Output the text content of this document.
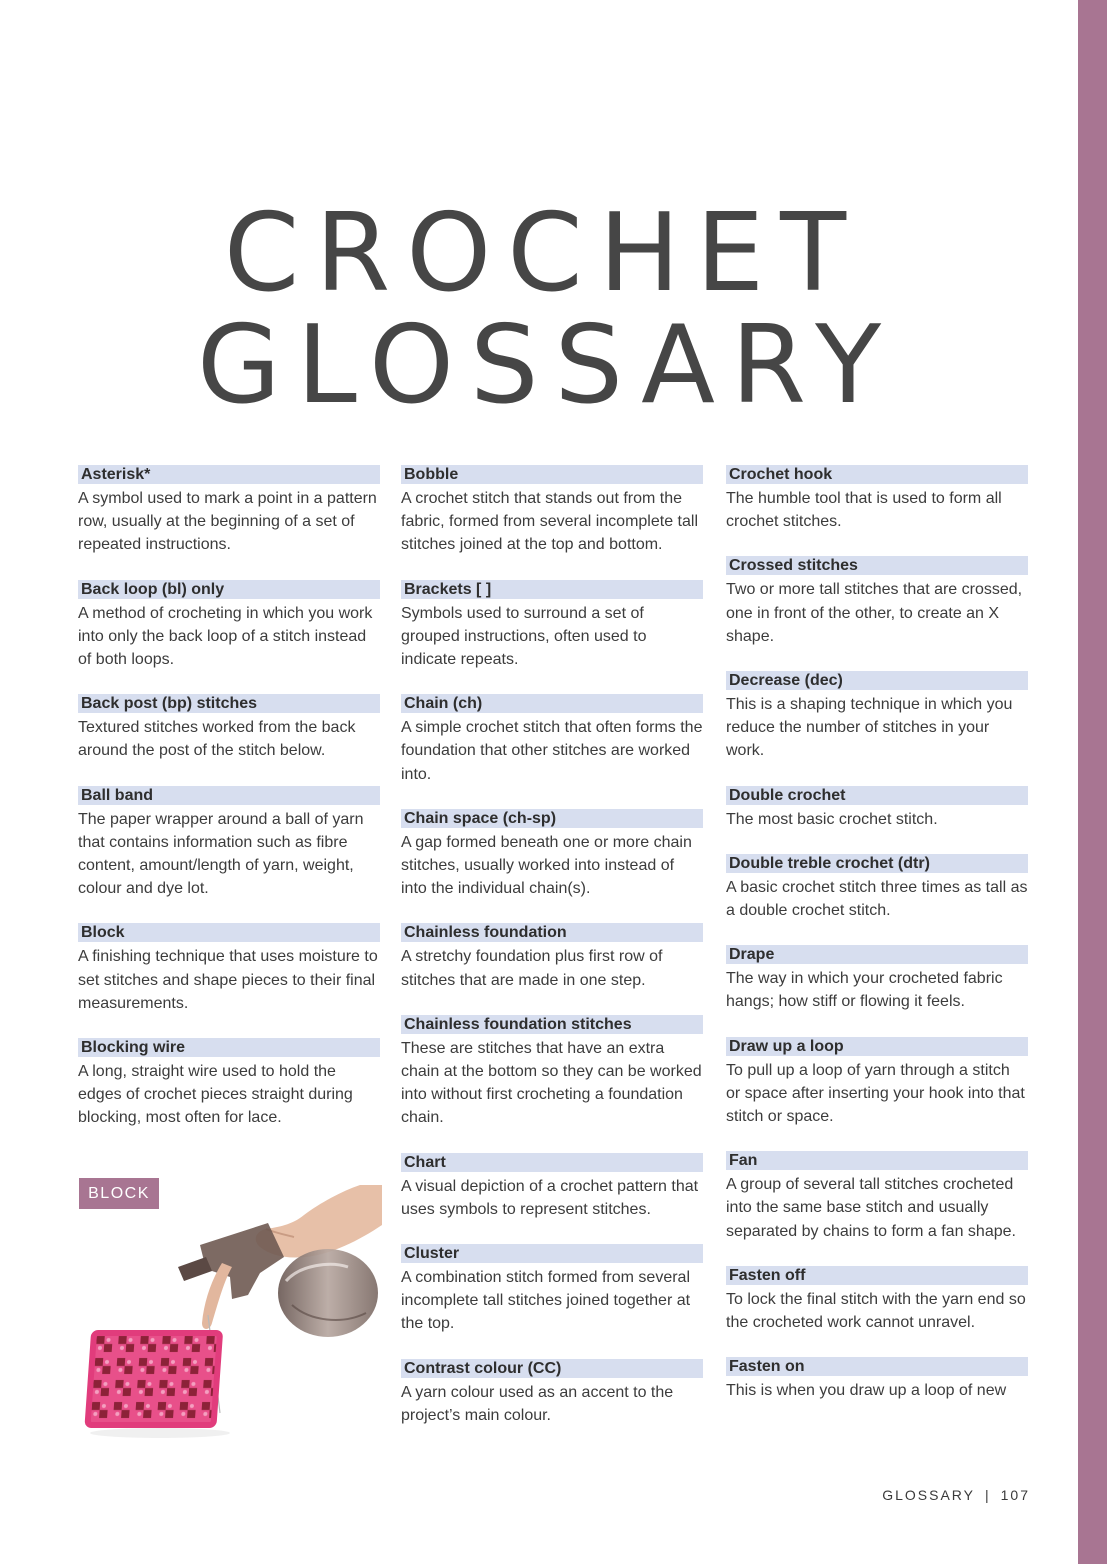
CROCHET
GLOSSARY
Asterisk*
A symbol used to mark a point in a pattern row, usually at the beginning of a set of repeated instructions.
Back loop (bl) only
A method of crocheting in which you work into only the back loop of a stitch instead of both loops.
Back post (bp) stitches
Textured stitches worked from the back around the post of the stitch below.
Ball band
The paper wrapper around a ball of yarn that contains information such as fibre content, amount/length of yarn, weight, colour and dye lot.
Block
A finishing technique that uses moisture to set stitches and shape pieces to their final measurements.
Blocking wire
A long, straight wire used to hold the edges of crochet pieces straight during blocking, most often for lace.
Bobble
A crochet stitch that stands out from the fabric, formed from several incomplete tall stitches joined at the top and bottom.
Brackets [ ]
Symbols used to surround a set of grouped instructions, often used to indicate repeats.
Chain (ch)
A simple crochet stitch that often forms the foundation that other stitches are worked into.
Chain space (ch-sp)
A gap formed beneath one or more chain stitches, usually worked into instead of into the individual chain(s).
Chainless foundation
A stretchy foundation plus first row of stitches that are made in one step.
Chainless foundation stitches
These are stitches that have an extra chain at the bottom so they can be worked into without first crocheting a foundation chain.
Chart
A visual depiction of a crochet pattern that uses symbols to represent stitches.
Cluster
A combination stitch formed from several incomplete tall stitches joined together at the top.
Contrast colour (CC)
A yarn colour used as an accent to the project’s main colour.
Crochet hook
The humble tool that is used to form all crochet stitches.
Crossed stitches
Two or more tall stitches that are crossed, one in front of the other, to create an X shape.
Decrease (dec)
This is a shaping technique in which you reduce the number of stitches in your work.
Double crochet
The most basic crochet stitch.
Double treble crochet (dtr)
A basic crochet stitch three times as tall as a double crochet stitch.
Drape
The way in which your crocheted fabric hangs; how stiff or flowing it feels.
Draw up a loop
To pull up a loop of yarn through a stitch or space after inserting your hook into that stitch or space.
Fan
A group of several tall stitches crocheted into the same base stitch and usually separated by chains to form a fan shape.
Fasten off
To lock the final stitch with the yarn end so the crocheted work cannot unravel.
Fasten on
This is when you draw up a loop of new
BLOCK
GLOSSARY | 107
